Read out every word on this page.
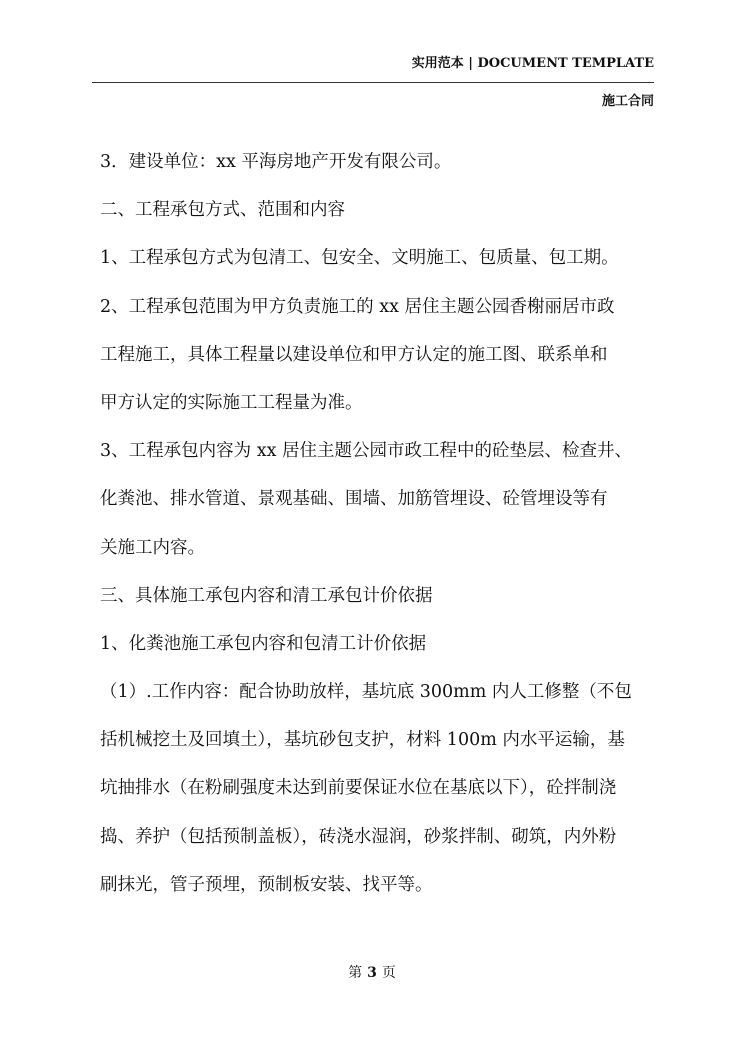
实用范本 | DOCUMENT TEMPLATE
施工合同
3．建设单位：xx 平海房地产开发有限公司。
二、工程承包方式、范围和内容
1、工程承包方式为包清工、包安全、文明施工、包质量、包工期。
2、工程承包范围为甲方负责施工的 xx 居住主题公园香榭丽居市政
工程施工，具体工程量以建设单位和甲方认定的施工图、联系单和
甲方认定的实际施工工程量为准。
3、工程承包内容为 xx 居住主题公园市政工程中的砼垫层、检查井、
化粪池、排水管道、景观基础、围墙、加筋管埋设、砼管埋设等有
关施工内容。
三、具体施工承包内容和清工承包计价依据
1、化粪池施工承包内容和包清工计价依据
（1）.工作内容：配合协助放样，基坑底 300mm 内人工修整（不包
括机械挖土及回填土），基坑砂包支护，材料 100m 内水平运输，基
坑抽排水（在粉刷强度未达到前要保证水位在基底以下），砼拌制浇
捣、养护（包括预制盖板），砖浇水湿润，砂浆拌制、砌筑，内外粉
刷抹光，管子预埋，预制板安装、找平等。
第 3 页
